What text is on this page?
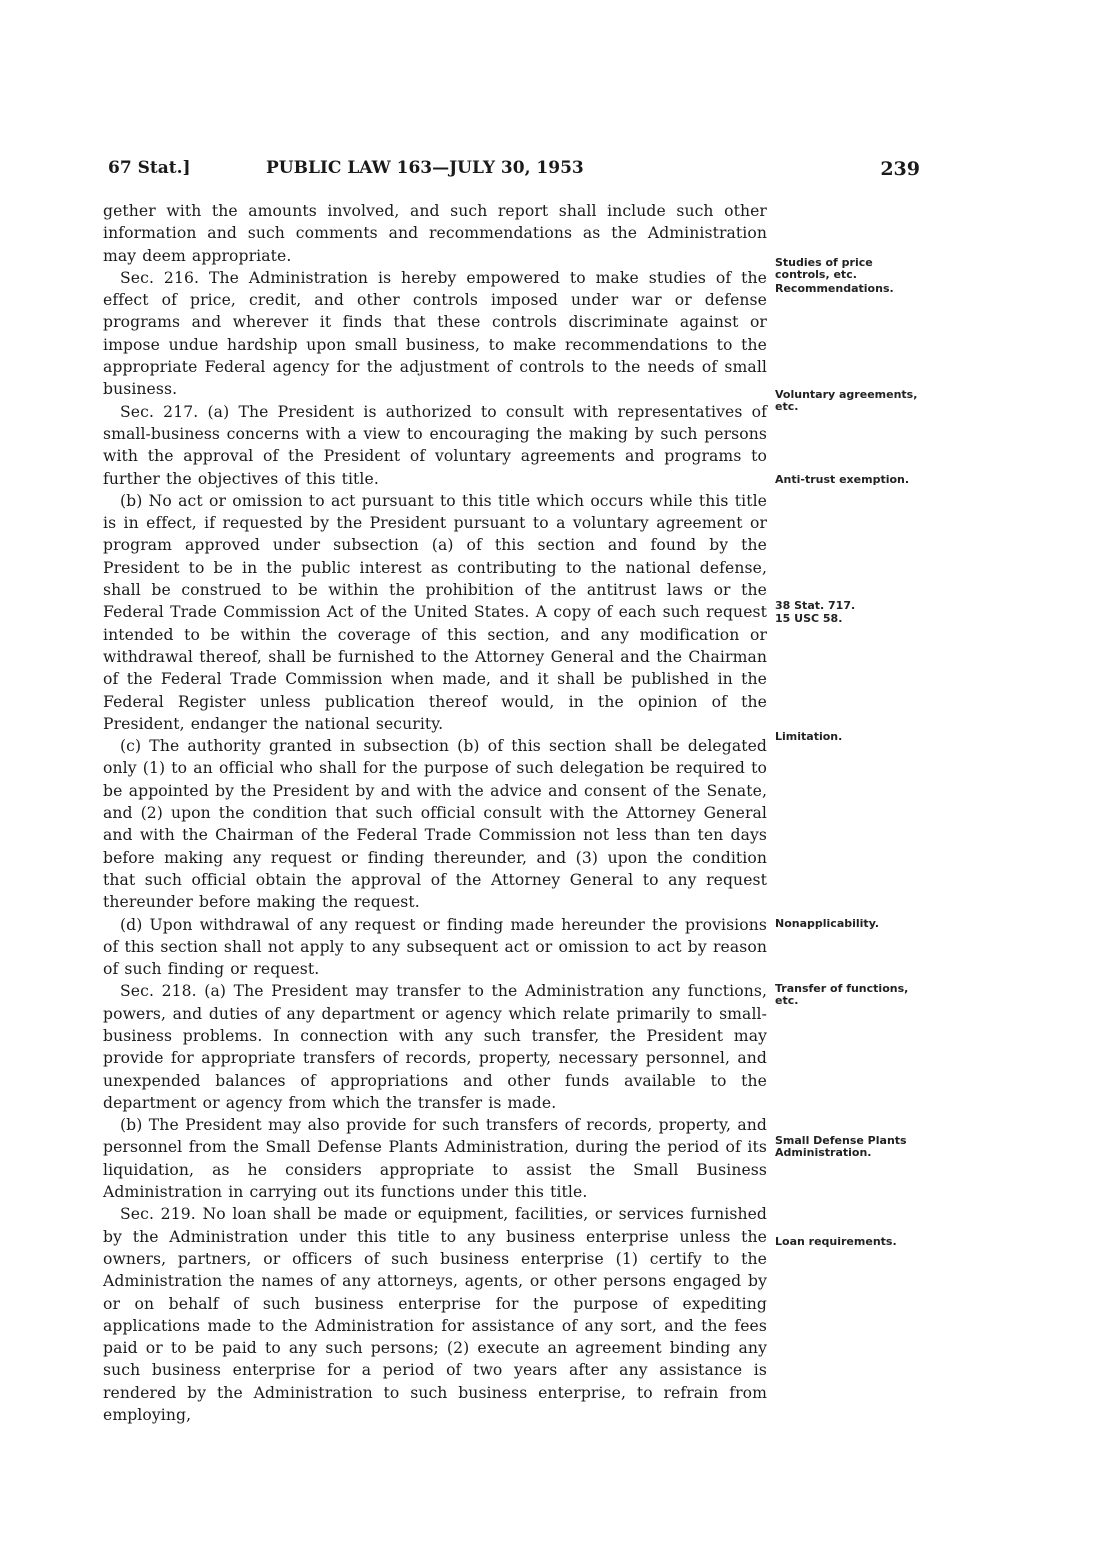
67 Stat.]	PUBLIC LAW 163—JULY 30, 1953	239

gether with the amounts involved, and such report shall include such other information and such comments and recommendations as the Administration may deem appropriate.

Sec. 216. The Administration is hereby empowered to make studies of the effect of price, credit, and other controls imposed under war or defense programs and wherever it finds that these controls discriminate against or impose undue hardship upon small business, to make recommendations to the appropriate Federal agency for the adjustment of controls to the needs of small business.

Sec. 217. (a) The President is authorized to consult with representatives of small-business concerns with a view to encouraging the making by such persons with the approval of the President of voluntary agreements and programs to further the objectives of this title.

(b) No act or omission to act pursuant to this title which occurs while this title is in effect, if requested by the President pursuant to a voluntary agreement or program approved under subsection (a) of this section and found by the President to be in the public interest as contributing to the national defense, shall be construed to be within the prohibition of the antitrust laws or the Federal Trade Commission Act of the United States. A copy of each such request intended to be within the coverage of this section, and any modification or withdrawal thereof, shall be furnished to the Attorney General and the Chairman of the Federal Trade Commission when made, and it shall be published in the Federal Register unless publication thereof would, in the opinion of the President, endanger the national security.

(c) The authority granted in subsection (b) of this section shall be delegated only (1) to an official who shall for the purpose of such delegation be required to be appointed by the President by and with the advice and consent of the Senate, and (2) upon the condition that such official consult with the Attorney General and with the Chairman of the Federal Trade Commission not less than ten days before making any request or finding thereunder, and (3) upon the condition that such official obtain the approval of the Attorney General to any request thereunder before making the request.

(d) Upon withdrawal of any request or finding made hereunder the provisions of this section shall not apply to any subsequent act or omission to act by reason of such finding or request.

Sec. 218. (a) The President may transfer to the Administration any functions, powers, and duties of any department or agency which relate primarily to small-business problems. In connection with any such transfer, the President may provide for appropriate transfers of records, property, necessary personnel, and unexpended balances of appropriations and other funds available to the department or agency from which the transfer is made.

(b) The President may also provide for such transfers of records, property, and personnel from the Small Defense Plants Administration, during the period of its liquidation, as he considers appropriate to assist the Small Business Administration in carrying out its functions under this title.

Sec. 219. No loan shall be made or equipment, facilities, or services furnished by the Administration under this title to any business enterprise unless the owners, partners, or officers of such business enterprise (1) certify to the Administration the names of any attorneys, agents, or other persons engaged by or on behalf of such business enterprise for the purpose of expediting applications made to the Administration for assistance of any sort, and the fees paid or to be paid to any such persons; (2) execute an agreement binding any such business enterprise for a period of two years after any assistance is rendered by the Administration to such business enterprise, to refrain from employing,

Studies of price controls, etc.
Recommendations.
Voluntary agreements, etc.
Anti-trust exemption.
38 Stat. 717.
15 USC 58.
Limitation.
Nonapplicability.
Transfer of functions, etc.
Small Defense Plants Administration.
Loan requirements.
